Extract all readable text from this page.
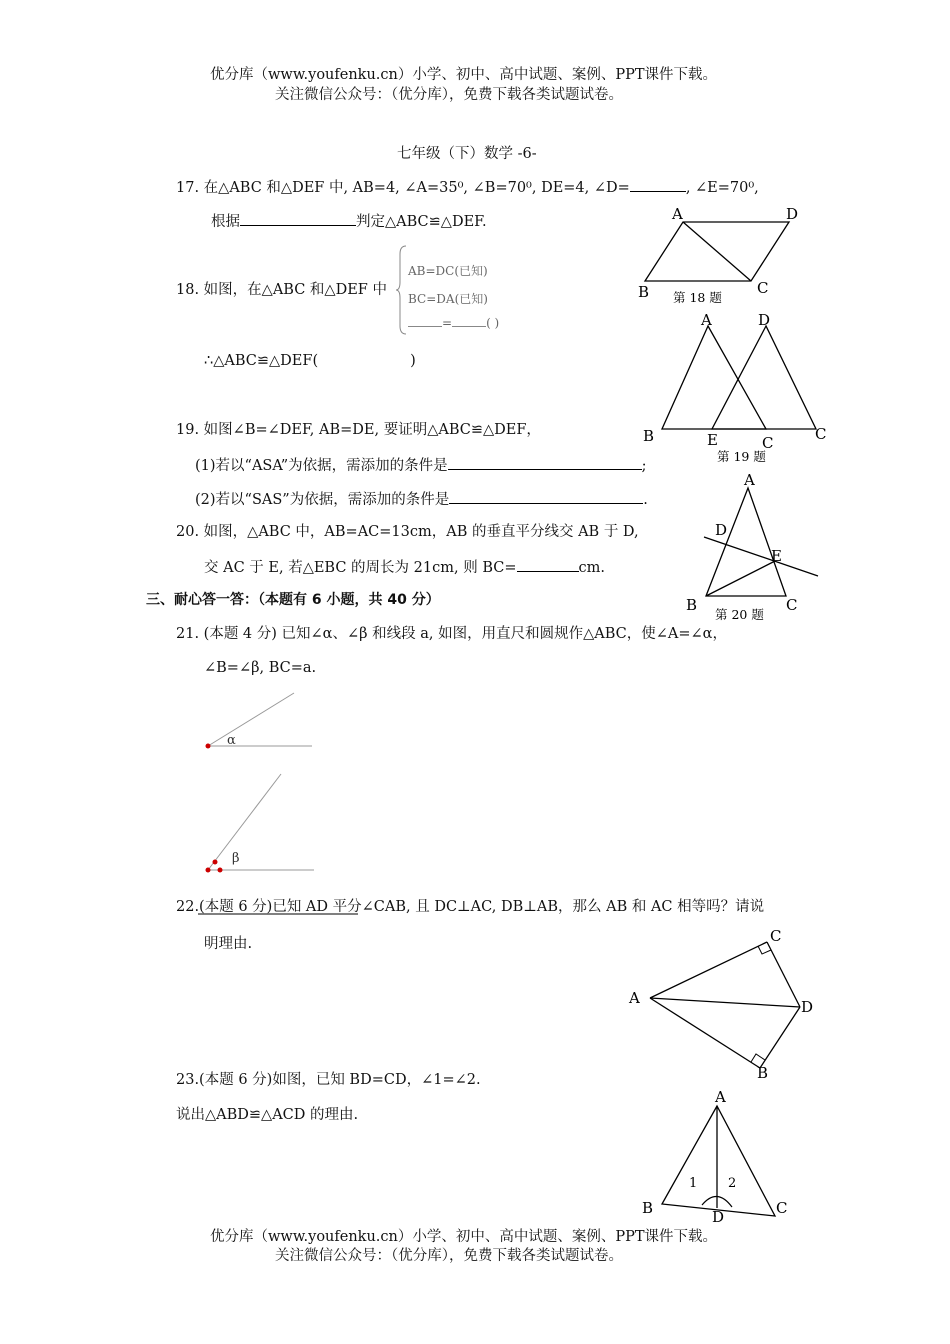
优分库（www.youfenku.cn）小学、初中、高中试题、案例、PPT课件下载。
关注微信公众号：（优分库），免费下载各类试题试卷。
七年级（下）数学 -6-
17. 在△ABC 和△DEF 中, AB=4, ∠A=35⁰, ∠B=70⁰, DE=4, ∠D=	, ∠E=70⁰,
根据	判定△ABC≌△DEF.
18. 如图，在△ABC 和△DEF 中
AB=DC(已知)
BC=DA(已知)
=	( )
∴△ABC≌△DEF(	)
19. 如图∠B=∠DEF, AB=DE, 要证明△ABC≌△DEF，
(1)若以“ASA”为依据，需添加的条件是	;
(2)若以“SAS”为依据，需添加的条件是	.
20. 如图，△ABC 中，AB=AC=13cm，AB 的垂直平分线交 AB 于 D,
交 AC 于 E, 若△EBC 的周长为 21cm, 则 BC=	cm.
三、耐心答一答：（本题有 6 小题，共 40 分）
21. (本题 4 分) 已知∠α、∠β 和线段 a, 如图，用直尺和圆规作△ABC，使∠A=∠α，
∠B=∠β, BC=a.
α
β
22.(本题 6 分)已知 AD 平分∠CAB, 且 DC⊥AC, DB⊥AB，那么 AB 和 AC 相等吗？请说
明理由.
23.(本题 6 分)如图，已知 BD=CD，∠1=∠2.
说出△ABD≌△ACD 的理由.
A	D
B	C
第 18 题
A	D
B	E	C	C
第 19 题
A
D
E
B	C
第 20 题
A
C
D
B
A
B	D	C
1 2
优分库（www.youfenku.cn）小学、初中、高中试题、案例、PPT课件下载。
关注微信公众号：（优分库），免费下载各类试题试卷。
